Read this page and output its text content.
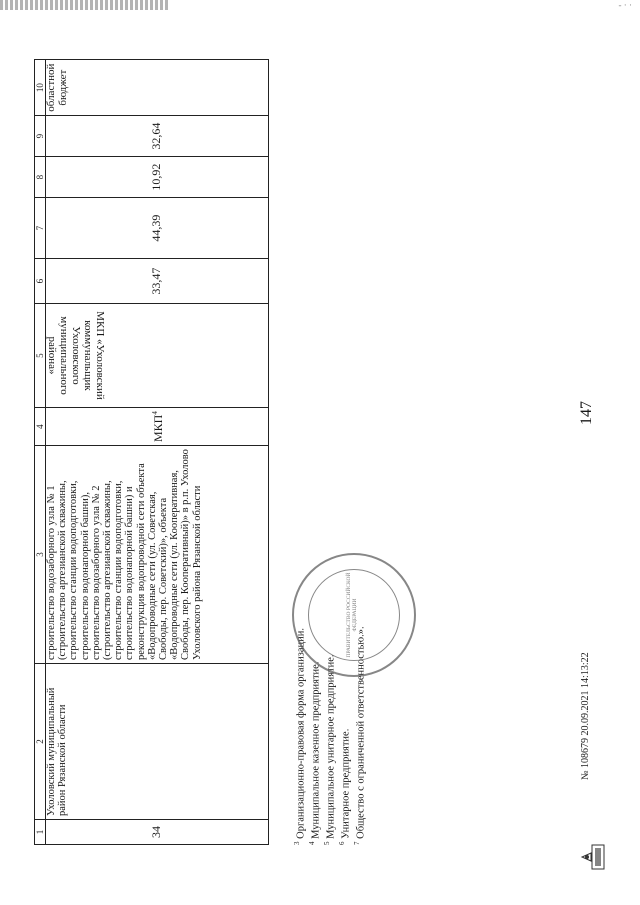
- · ·
147
1	2	3	4	5	6	7	8	9	10
34	Ухоловский муниципальный район Рязанской области	строительство водозаборного узла № 1 (строительство артезианской скважины, строительство станции водоподготовки, строительство водонапорной башни), строительство водозаборного узла № 2 (строительство артезианской скважины, строительство станции водоподготовки, строительство водонапорной башни) и реконструкция водопроводной сети объекта «Водопроводные сети (ул. Советская, Свободы, пер. Советский)», объекта «Водопроводные сети (ул. Кооперативная, Свободы, пер. Кооперативный)» в р.п. Ухолово Ухоловского района Рязанской области	МКП$^4$	МКП «Ухоловский коммунальщик Ухоловского муниципального района»	33,47	44,39	10,92	32,64	областной бюджет
$^3$ Организационно-правовая форма организации.
$^4$ Муниципальное казенное предприятие.
$^5$ Муниципальное унитарное предприятие.
$^6$ Унитарное предприятие.
$^7$ Общество с ограниченной ответственностью.».
ПРАВИТЕЛЬСТВО РОССИЙСКОЙ ФЕДЕРАЦИИ
№ 108679 20.09.2021 14:13:22
